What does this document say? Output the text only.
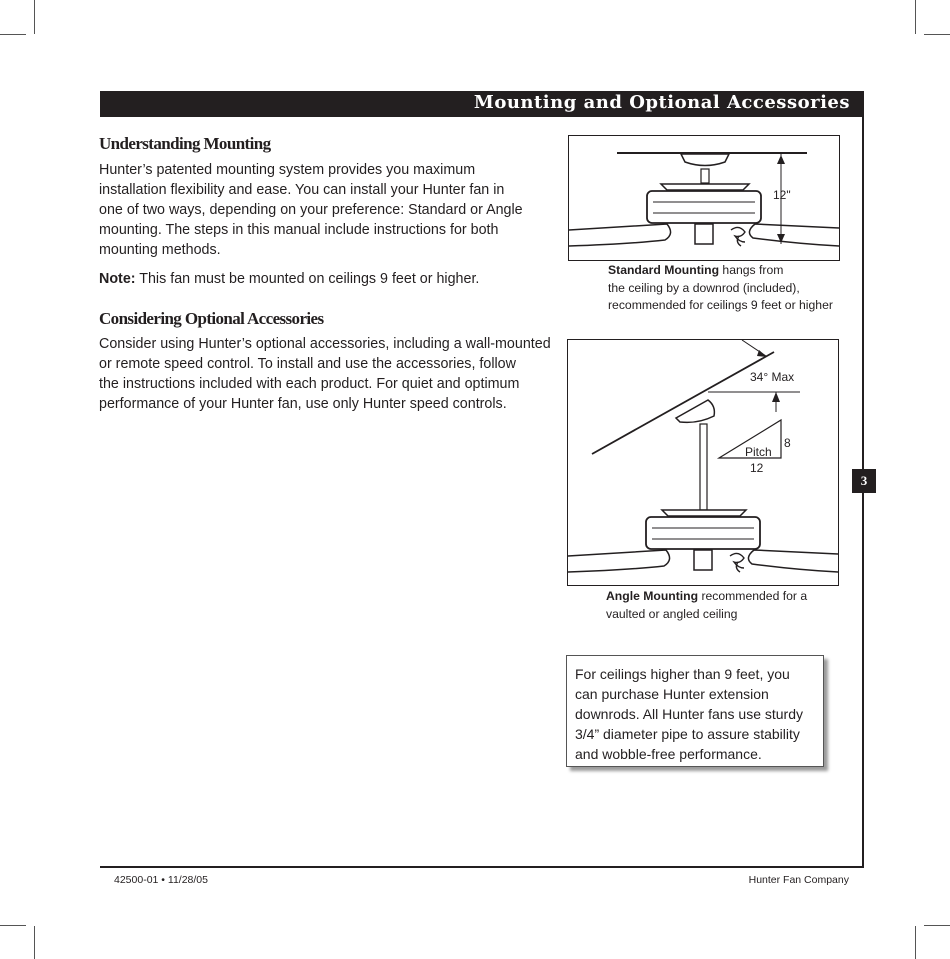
Mounting and Optional Accessories
Understanding Mounting
Hunter’s patented mounting system provides you maximum
installation flexibility and ease. You can install your Hunter fan in
one of two ways, depending on your preference: Standard or Angle
mounting. The steps in this manual include instructions for both
mounting methods.
Note: This fan must be mounted on ceilings 9 feet or higher.
Considering Optional Accessories
Consider using Hunter’s optional accessories, including a wall-mounted
or remote speed control. To install and use the accessories, follow
the instructions included with each product. For quiet and optimum
performance of your Hunter fan, use only Hunter speed controls.
12"
Standard Mounting hangs from
the ceiling by a downrod (included),
recommended for ceilings 9 feet or higher
34° Max
Pitch
8
12
Angle Mounting recommended for a
vaulted or angled ceiling
3
For ceilings higher than 9 feet, you
can purchase Hunter extension
downrods. All Hunter fans use sturdy
3/4” diameter pipe to assure stability
and wobble-free performance.
42500-01 • 11/28/05	Hunter Fan Company
